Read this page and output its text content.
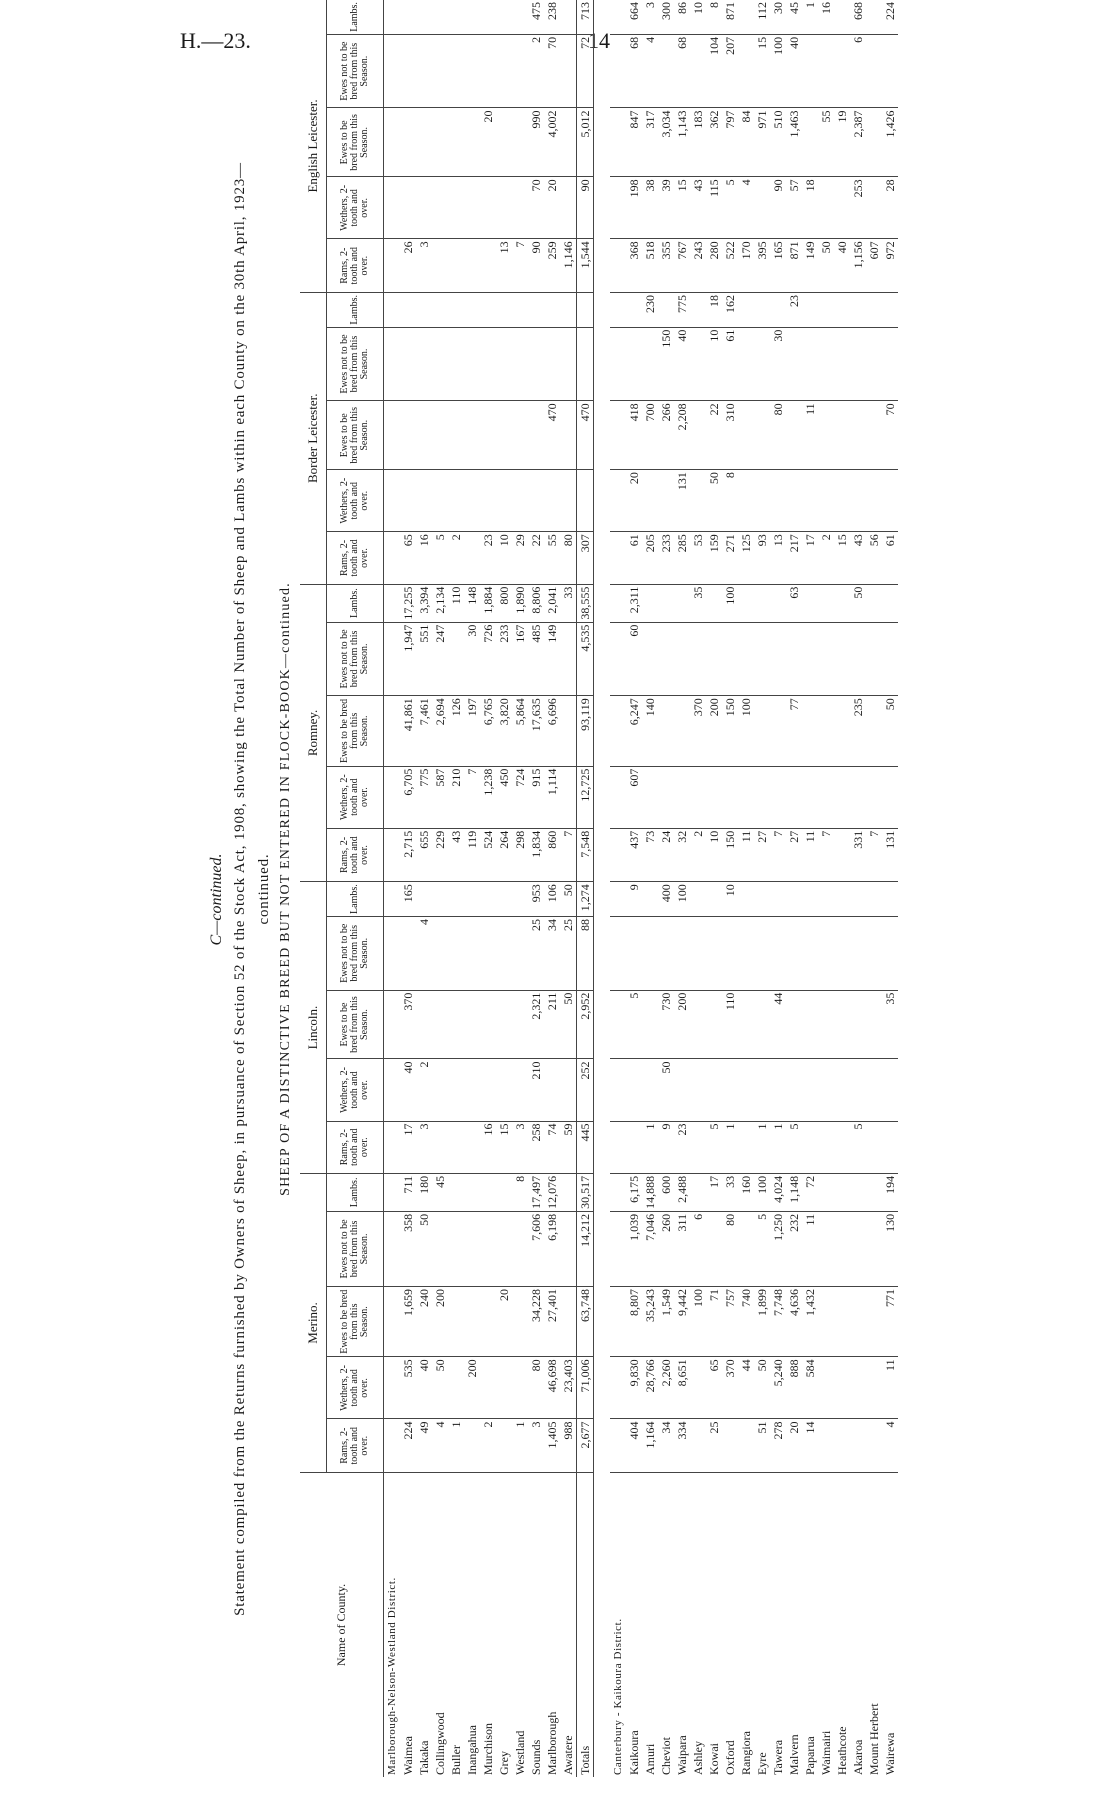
H.—23.	14
C—continued. Statement compiled from the Returns furnished by Owners of Sheep, in pursuance of Section 52 of the Stock Act, 1908, showing the Total Number of Sheep and Lambs within each County on the 30th April, 1923—continued. SHEEP OF A DISTINCTIVE BREED BUT NOT ENTERED IN FLOCK-BOOK—continued.
Name of County.	Merino.					Lincoln.					Romney.					Border Leicester.					English Leicester.				
	Rams, 2-tooth and over.	Wethers, 2-tooth and over.	Ewes to be bred from this Season.	Ewes not to be bred from this Season.	Lambs.	Rams, 2-tooth and over.	Wethers, 2-tooth and over.	Ewes to be bred from this Season.	Ewes not to be bred from this Season.	Lambs.	Rams, 2-tooth and over.	Wethers, 2-tooth and over.	Ewes to be bred from this Season.	Ewes not to be bred from this Season.	Lambs.	Rams, 2-tooth and over.	Wethers, 2-tooth and over.	Ewes to be bred from this Season.	Ewes not to be bred from this Season.	Lambs.	Rams, 2-tooth and over.	Wethers, 2-tooth and over.	Ewes to be bred from this Season.	Ewes not to be bred from this Season.	Lambs.
Marlborough-Nelson-Westland District.																									
Waimea	224	535	1,659	358	711	17	40	370		165	2,715	6,705	41,861	1,947	17,255	65					26				
Takaka	49	40	240	50	180	3	2		4		655	775	7,461	551	3,394	16					3				
Collingwood	4	50	200		45						229	587	2,694	247	2,134	5									
Buller	1										43	210	126		110	2									
Inangahua		200									119	7	197	30	148										
Murchison	2					16					524	1,238	6,765	726	1,884	23							20		
Grey			20			15					264	450	3,820	233	800	10					13				
Westland	1				8	3					298	724	5,864	167	1,890	29					7				
Sounds	3	80	34,228	7,606	17,497	258	210	2,321	25	953	1,834	915	17,635	485	8,806	22					90	70	990	2	475
Marlborough	1,405	46,698	27,401	6,198	12,076	74		211	34	106	860	1,114	6,696	149	2,041	55		470			259	20	4,002	70	238
Awatere	988	23,403				59		50	25	50	7				33	80					1,146				
Totals	2,677	71,006	63,748	14,212	30,517	445	252	2,952	88	1,274	7,548	12,725	93,119	4,535	38,555	307		470			1,544	90	5,012	72	713

Canterbury - Kaikoura District.																									
Kaikoura	404	9,830	8,807	1,039	6,175			5		9	437	607	6,247	60	2,311	61	20	418			368	198	847	68	664
Amuri	1,164	28,766	35,243	7,046	14,888	1					73		140			205		700		230	518	38	317	4	3
Cheviot	34	2,260	1,549	260	600	9	50	730		400	24					233		266	150		355	39	3,034		300
Waipara	334	8,651	9,442	311	2,488	23		200		100	32					285	131	2,208	40	775	767	15	1,143	68	86
Ashley			100	6							2		370		35	53					243	43	183		10
Kowai	25	65	71		17	5					10		200			159	50	22	10	18	280	115	362	104	8
Oxford		370	757	80	33	1		110		10	150		150		100	271	8	310	61	162	522	5	797	207	871
Rangiora		44	740		160						11		100			125					170	4	84		
Eyre	51	50	1,899	5	100	1					27					93					395		971	15	112
Tawera	278	5,240	7,748	1,250	4,024	1		44			7					13		80	30		165	90	510	100	30
Malvern	20	888	4,636	232	1,148	5					27		77		63	217				23	871	57	1,463	40	45
Paparua	14	584	1,432	11	72						11					17		11			149	18			1
Waimairi											7					2					50		55		16
Heathcote																15					40		19		
Akaroa						5					331		235		50	43					1,156	253	2,387	6	668
Mount Herbert											7					56					607				
Wairewa	4	11	771	130	194			35			131		50			61		70			972	28	1,426		224
